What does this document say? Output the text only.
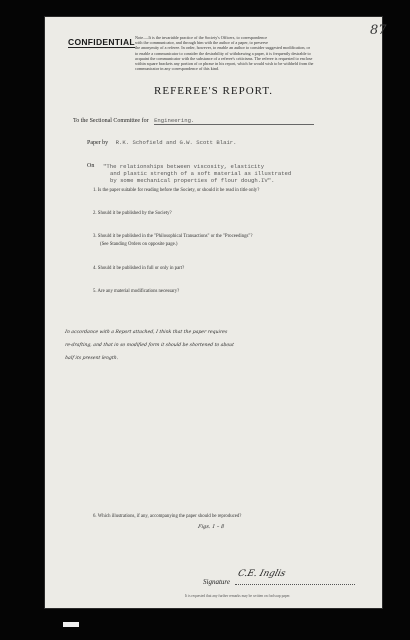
87
CONFIDENTIAL Note.—It is the invariable practice of the Society's Officers, to correspondence
with the communicator, and through him with the author of a paper, to preserve
the anonymity of a referee. In order, however, to enable an author to consider suggested modification, or
to enable a communicator to consider the desirability of withdrawing a paper, it is frequently desirable to
acquaint the communicator with the substance of a referee's criticisms. The referee is requested to enclose
within square brackets any portion of or phrase in his report, which he would wish to be withheld from the
communicator in any correspondence of this kind.
REFEREE'S REPORT.
To the Sectional Committee for Engineering.
Paper by R.K. Schofield and G.W. Scott Blair.
On "The relationships between viscosity, elasticity
and plastic strength of a soft material as illustrated
by some mechanical properties of flour dough.IV".
1. Is the paper suitable for reading before the Society, or should it be read in title only?
2. Should it be published by the Society?
3. Should it be published in the "Philosophical Transactions" or the "Proceedings"?
(See Standing Orders on opposite page.)
4. Should it be published in full or only in part?
5. Are any material modifications necessary?
In accordance with a Report attached, I think that the paper requires
re-drafting, and that in so modified form it should be shortened to about
half its present length.
6. Which illustrations, if any, accompanying the paper should be reproduced?
Figs. 1 – 8
Signature
C.E. Inglis
It is requested that any further remarks may be written on foolscap paper.
